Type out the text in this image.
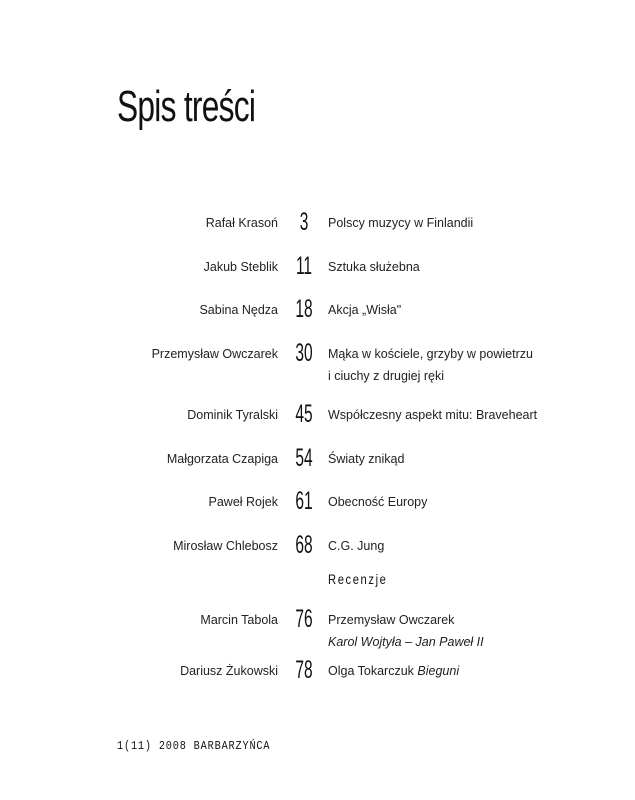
Spis treści
Rafał Krasoń 3	Polscy muzycy w Finlandii
Jakub Steblik 11 Sztuka służebna
Sabina Nędza 18 Akcja „Wisła"
Przemysław Owczarek 30 Mąka w kościele, grzyby w powietrzu
i ciuchy z drugiej ręki
Dominik Tyralski 45 Współczesny aspekt mitu: Braveheart
Małgorzata Czapiga 54 Światy znikąd
Paweł Rojek 61 Obecność Europy
Mirosław Chlebosz 68 C.G. Jung
Recenzje
Marcin Tabola 76 Przemysław Owczarek
Karol Wojtyła – Jan Paweł II
Dariusz Żukowski 78 Olga Tokarczuk Bieguni
1(11) 2008 BARBARZYŃCA
